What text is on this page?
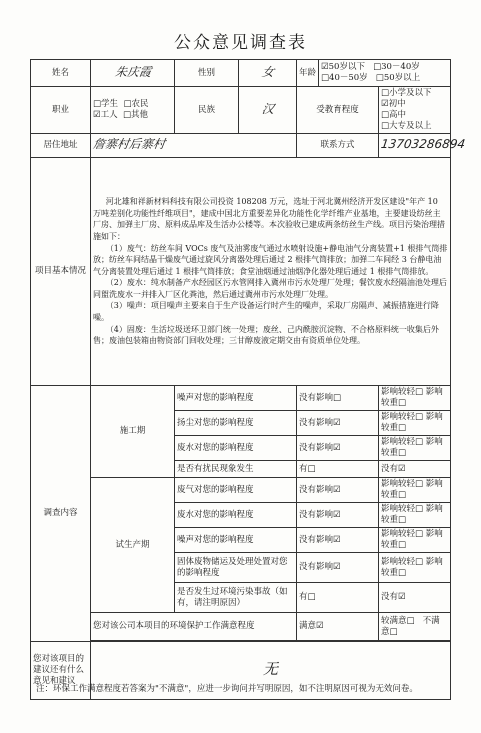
公众意见调查表
姓名	朱庆霞	性别	女	年龄	☑50岁以下 □30－40岁
□40－50岁 □50岁以上	
职业	□学生 □农民
☑工人 □其他	民族	汉	受教育程度		□小学及以下 ☑初中
□高中 □大专及以上
居住地址	詹寨村后寨村			联系方式		13703286894
项目基本情况	河北雄和祥新材料科技有限公司投资 108208 万元，选址于河北冀州经济开发区建设"年产 10 万吨差别化功能性纤维项目"，建成中国北方重要差异化功能性化学纤维产业基地，主要建设纺丝主厂房、加弹主厂房、原料成品库及生活办公楼等。本次验收已建成两条纺丝生产线。项目污染治理措施如下：

（1）废气：纺丝车间 VOCs 废气及油雾废气通过水喷射设施+静电油气分离装置+1 根排气筒排放；纺丝车间结晶干燥废气通过旋风分离器处理后通过 2 根排气筒排放；加弹二车间经 3 台静电油气分离装置处理后通过 1 根排气筒排放；食堂油烟通过油烟净化器处理后通过 1 根排气筒排放。

（2）废水：纯水制备产水经园区污水管网排入冀州市污水处理厂处理；餐饮废水经隔油池处理后同盥洗废水一并排入厂区化粪池，然后通过冀州市污水处理厂处理。

（3）噪声：项目噪声主要来自于生产设备运行时产生的噪声，采取厂房隔声、减振措施进行降噪。

（4）固废：生活垃圾送环卫部门统一处理；废丝、己内酰胺沉淀物、不合格原料统一收集后外售；废油包装箱由物资部门回收处理；三甘醇废液定期交由有资质单位处理。					

调查内容	施工期	噪声对您的影响程度		没有影响□		影响较轻□ 影响较重□
		扬尘对您的影响程度		没有影响☑		影响较轻□ 影响较重□
		废水对您的影响程度		没有影响☑		影响较轻□ 影响较重□
		是否有扰民现象发生		有□		没有☑
	试生产期	废气对您的影响程度		没有影响☑		影响较轻□ 影响较重□
		废水对您的影响程度		没有影响☑		影响较轻□ 影响较重□
		噪声对您的影响程度		没有影响☑		影响较轻□ 影响较重□
		固体废物储运及处理处置对您的影响程度		没有影响☑		影响较轻□ 影响较重□
		是否发生过环境污染事故（如有，请注明原因）		有□		没有☑
	您对该公司本项目的环境保护工作满意程度			满意☑		较满意□ 不满意□

您对该项目的建议还有什么意见和建议	无					
注：环保工作满意程度若答案为"不满意"，应进一步询问并写明原因，如不注明原因可视为无效问卷。
